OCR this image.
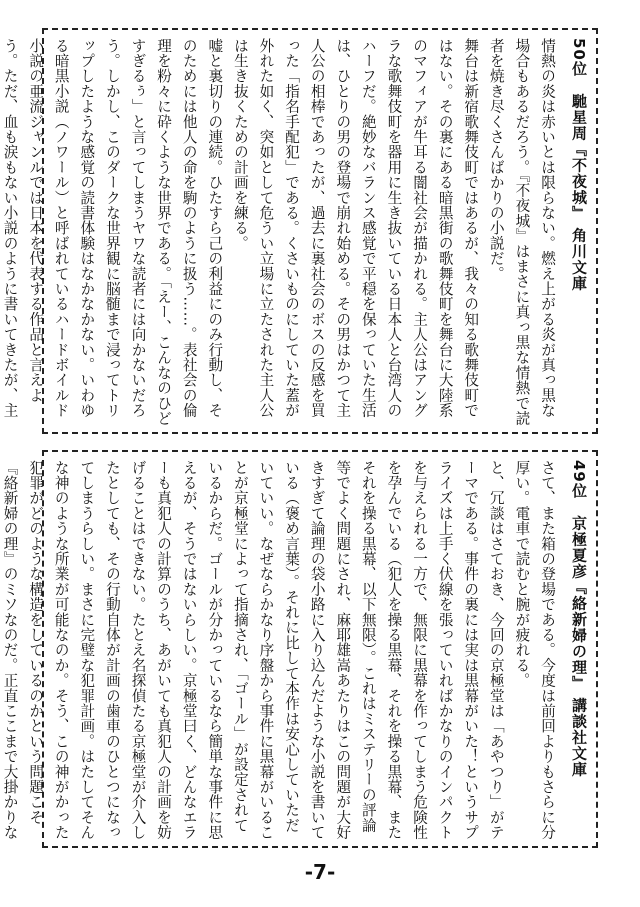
50位 馳星周『不夜城』 角川文庫

情熱の炎は赤いとは限らない。燃え上がる炎が真っ黒な場合もあるだろう。『不夜城』はまさに真っ黒な情熱で読者を焼き尽くさんばかりの小説だ。

舞台は新宿歌舞伎町ではあるが、我々の知る歌舞伎町ではない。その裏にある暗黒街の歌舞伎町を舞台に大陸系のマフィアが牛耳る闇社会が描かれる。主人公はアングラな歌舞伎町を器用に生き抜いている日本人と台湾人のハーフだ。絶妙なバランス感覚で平穏を保っていた生活は、ひとりの男の登場で崩れ始める。その男はかつて主人公の相棒であったが、過去に裏社会のボスの反感を買った「指名手配犯」である。くさいものにしていた蓋が外れた如く、突如として危うい立場に立たされた主人公は生き抜くための計画を練る。

嘘と裏切りの連続。ひたすら己の利益にのみ行動し、そのためには他人の命を駒のように扱う……。表社会の倫理を粉々に砕くような世界である。「えー、こんなのひどすぎるぅ」と言ってしまうヤワな読者には向かないだろう。しかし、このダークな世界観に脳髄まで浸ってトリップしたような感覚の読書体験はなかなかない。いわゆる暗黒小説（ノワール）と呼ばれているハードボイルド小説の亜流ジャンルでは日本を代表する作品と言えよう。ただ、血も涙もない小説のように書いてきたが、主

49位 京極夏彦『絡新婦の理』 講談社文庫

さて、また箱の登場である。今度は前回よりもさらに分厚い。電車で読むと腕が疲れる。

と、冗談はさておき、今回の京極堂は「あやつり」がテーマである。事件の裏には実は黒幕がいた！というサプライズは上手く伏線を張っていればかなりのインパクトを与えられる一方で、無限に黒幕を作ってしまう危険性を孕んでいる（犯人を操る黒幕、それを操る黒幕、またそれを操る黒幕、以下無限）。これはミステリーの評論等でよく問題にされ、麻耶雄嵩あたりはこの問題が大好きすぎて論理の袋小路に入り込んだような小説を書いている（褒め言葉）。それに比して本作は安心していただいていい。なぜならかなり序盤から事件に黒幕がいることが京極堂によって指摘され、「ゴール」が設定されているからだ。ゴールが分かっているなら簡単な事件に思えるが、そうではないらしい。京極堂曰く、どんなエラーも真犯人の計算のうち、あがいても真犯人の計画を妨げることはできない。たとえ名探偵たる京極堂が介入したとしても、その行動自体が計画の歯車のひとつになってしまうらしい。まさに完璧な犯罪計画。はたしてそんな神のような所業が可能なのか。そう、この神がかった犯罪がどのような構造をしているのかという問題こそ『絡新婦の理』のミソなのだ。正直ここまで大掛かりな

-7-
